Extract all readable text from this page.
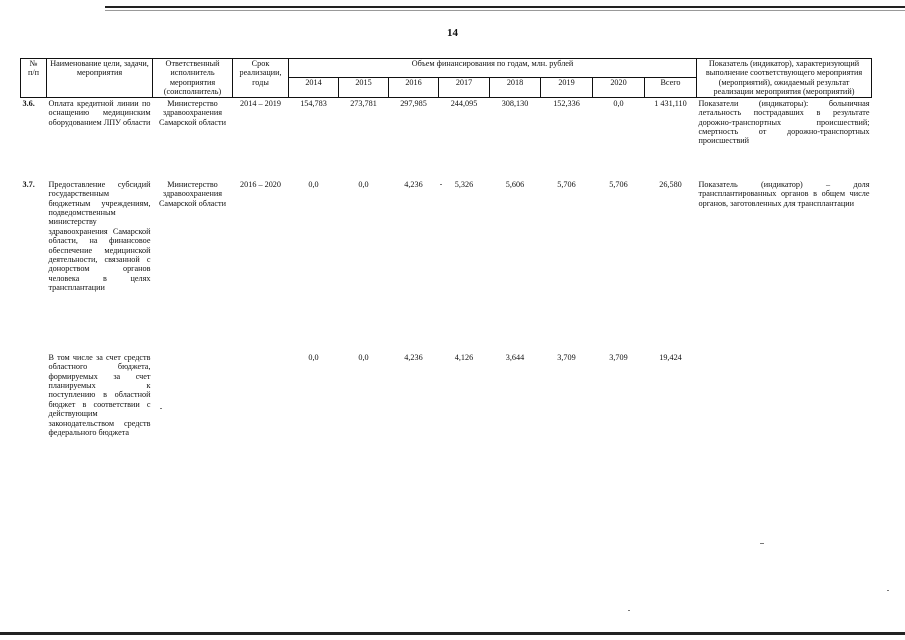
14
№
п/п	Наименование цели, задачи, мероприятия	Ответственный исполнитель мероприятия (соисполнитель)	Срок реализации, годы	Объем финансирования по годам, млн. рублей								Показатель (индикатор), характеризующий выполнение соответствующего мероприятия (мероприятий), ожидаемый результат реализации мероприятия (мероприятий)
				2014	2015	2016	2017	2018	2019	2020	Всего	
3.6.	Оплата кредитной линии по оснащению медицинским оборудованием ЛПУ области	Министерство здравоохранения Самарской области	2014 – 2019	154,783	273,781	297,985	244,095	308,130	152,336	0,0	1 431,110	Показатели (индикаторы): больничная летальность пострадавших в результате дорожно-транспортных происшествий; смертность от дорожно-транспортных происшествий
3.7.	Предоставление субсидий государственным бюджетным учреждениям, подведомственным министерству здравоохранения Самарской области, на финансовое обеспечение медицинской деятельности, связанной с донорством органов человека в целях трансплантации	Министерство здравоохранения Самарской области	2016 – 2020	0,0	0,0	4,236	5,326	5,606	5,706	5,706	26,580	Показатель (индикатор) – доля трансплантированных органов в общем числе органов, заготовленных для трансплантации
	В том числе за счет средств областного бюджета, формируемых за счет планируемых к поступлению в областной бюджет в соответствии с действующим законодательством средств федерального бюджета			0,0	0,0	4,236	4,126	3,644	3,709	3,709	19,424	
